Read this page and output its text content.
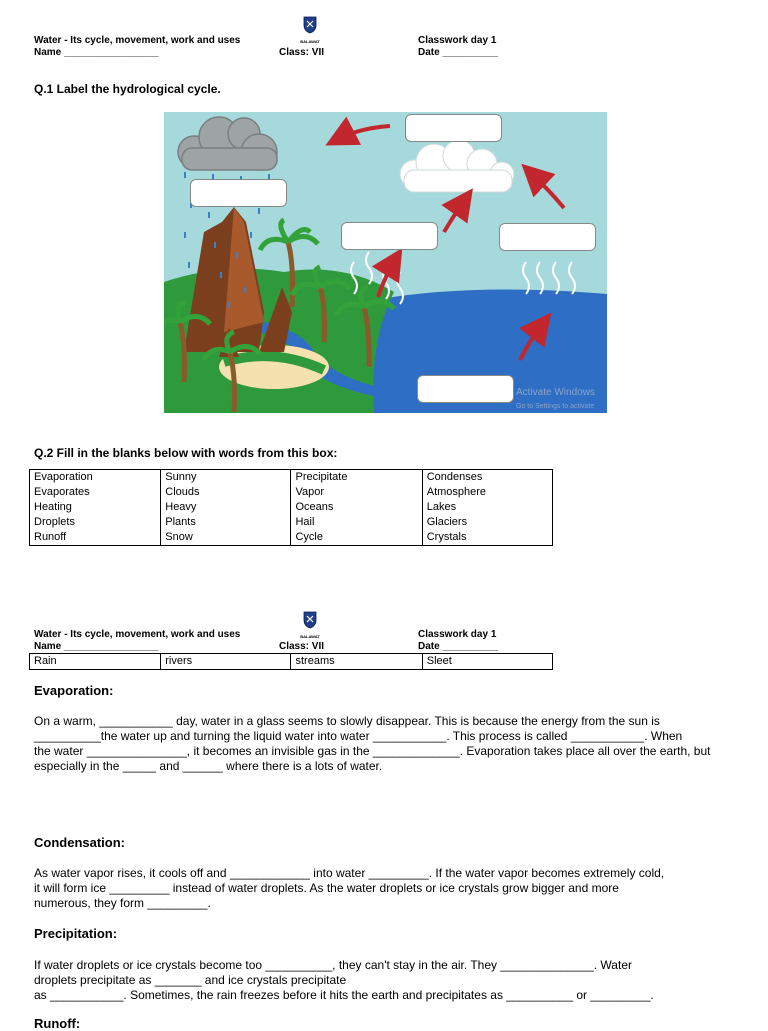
Water - Its cycle, movement, work and uses
Name _________________
BALAWAT
Class: VII
Classwork day 1
Date __________
Q.1 Label the hydrological cycle.
Activate Windows
Go to Settings to activate
Q.2 Fill in the blanks below with words from this box:
Evaporation	Sunny	Precipitate	Condenses
Evaporates	Clouds	Vapor	Atmosphere
Heating	Heavy	Oceans	Lakes
Droplets	Plants	Hail	Glaciers
Runoff	Snow	Cycle	Crystals
Water - Its cycle, movement, work and uses
Name _________________
BALAWAT
Class: VII
Classwork day 1
Date __________
Rain	rivers	streams	Sleet
Evaporation:
On a warm, ___________ day, water in a glass seems to slowly disappear. This is because the energy from the sun is
__________the water up and turning the liquid water into water ___________. This process is called ___________. When
the water _______________, it becomes an invisible gas in the _____________. Evaporation takes place all over the earth, but
especially in the _____ and ______ where there is a lots of water.
Condensation:
As water vapor rises, it cools off and ____________ into water _________. If the water vapor becomes extremely cold,
it will form ice _________ instead of water droplets. As the water droplets or ice crystals grow bigger and more
numerous, they form _________.
Precipitation:
If water droplets or ice crystals become too __________, they can't stay in the air. They ______________. Water
droplets precipitate as _______ and ice crystals precipitate
as ___________. Sometimes, the rain freezes before it hits the earth and precipitates as __________ or _________.
Runoff:
